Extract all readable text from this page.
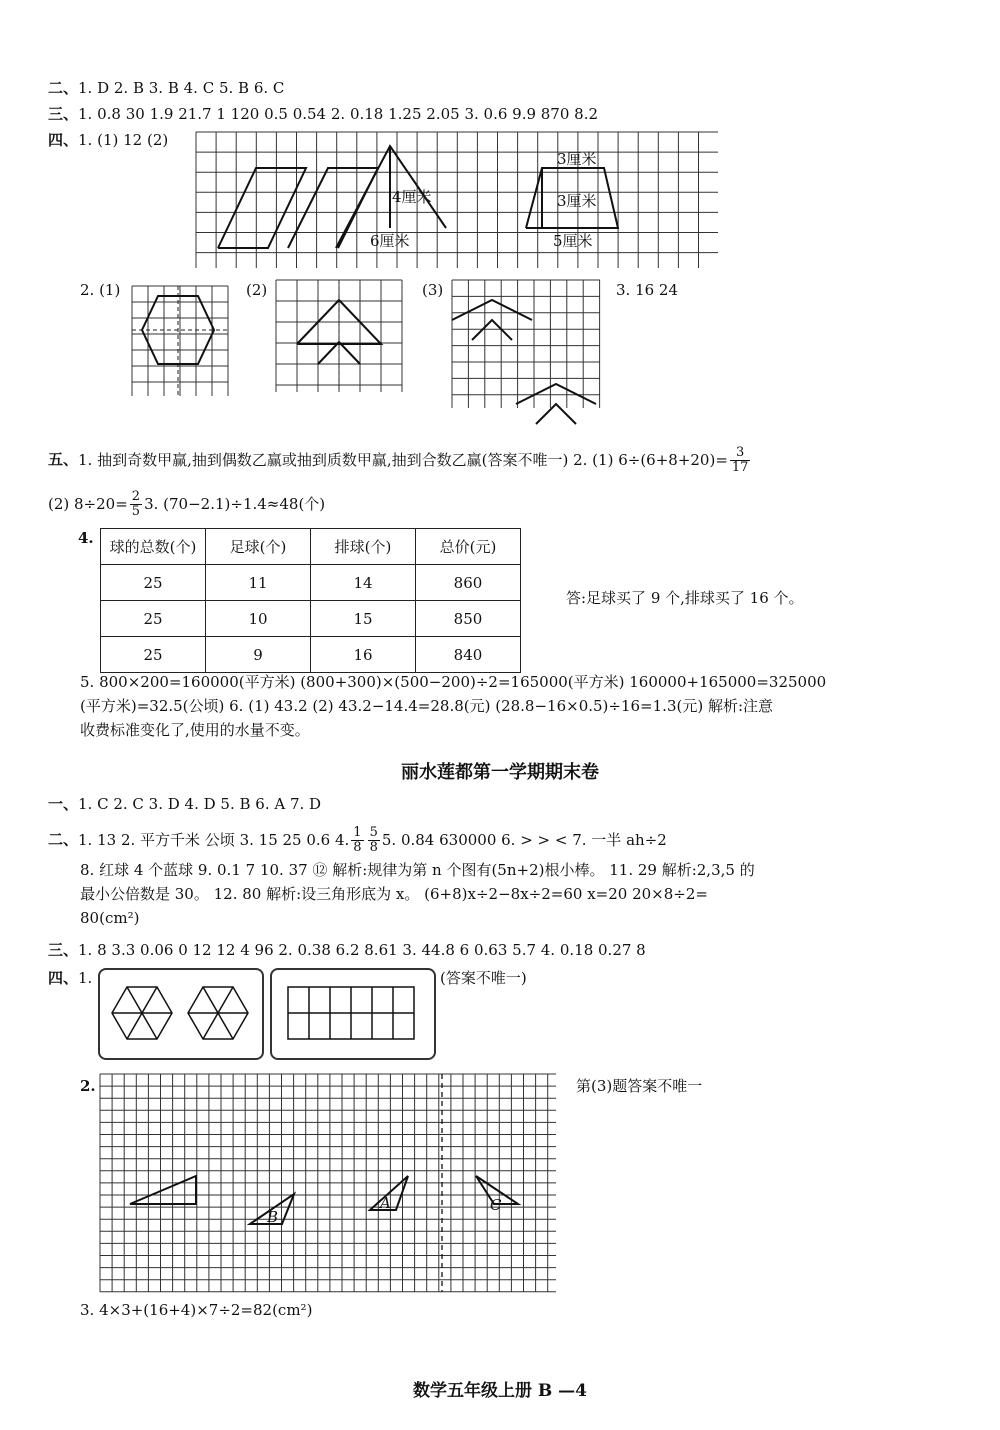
二、1. D 2. B 3. B 4. C 5. B 6. C
三、1. 0.8 30 1.9 21.7 1 120 0.5 0.54 2. 0.18 1.25 2.05 3. 0.6 9.9 870 8.2
四、1. (1) 12 (2)
3厘米
4厘米	3厘米
6厘米	5厘米
2. (1)	(2)	(3)	3. 16 24
五、1. 抽到奇数甲赢,抽到偶数乙赢或抽到质数甲赢,抽到合数乙赢(答案不唯一) 2. (1) $6\div(6+8+20)= \frac{3}{17}$
(2) $8\div 20= \frac{2}{5} 3$. (70−2.1)÷1.4≈48(个)
4. 球的总数(个)	足球(个)	排球(个)	总价(元)
25	11	14	860
25	10	15	850
25	9	16	840
答:足球买了 9 个,排球买了 16 个。
5. 800×200=160000(平方米) (800+300)×(500−200)÷2=165000(平方米) 160000+165000=325000
(平方米)=32.5(公顷) 6. (1) 43.2 (2) 43.2−14.4=28.8(元) (28.8−16×0.5)÷16=1.3(元) 解析:注意
收费标准变化了,使用的水量不变。
丽水莲都第一学期期末卷
一、1. C 2. C 3. D 4. D 5. B 6. A 7. D
二、1. 13 2. 平方千米 公顷 3. 15 25 0.6 4. $\frac{1}{8} \frac{5}{8} 5$. 0.84 630000 6. > > < 7. 一半 ah÷2
8. 红球 4 个蓝球 9. 0.1 7 10. 37 ⑫ 解析:规律为第 n 个图有(5n+2)根小棒。 11. 29 解析:2,3,5 的
最小公倍数是 30。 12. 80 解析:设三角形底为 x。 (6+8)x÷2−8x÷2=60 x=20 20×8÷2=
80(cm²)
三、1. 8 3.3 0.06 0 12 12 4 96 2. 0.38 6.2 8.61 3. 44.8 6 0.63 5.7 4. 0.18 0.27 8
四、1.	(答案不唯一)
2.	第(3)题答案不唯一
B
A	C
3. 4×3+(16+4)×7÷2=82(cm²)
数学五年级上册 B —4
